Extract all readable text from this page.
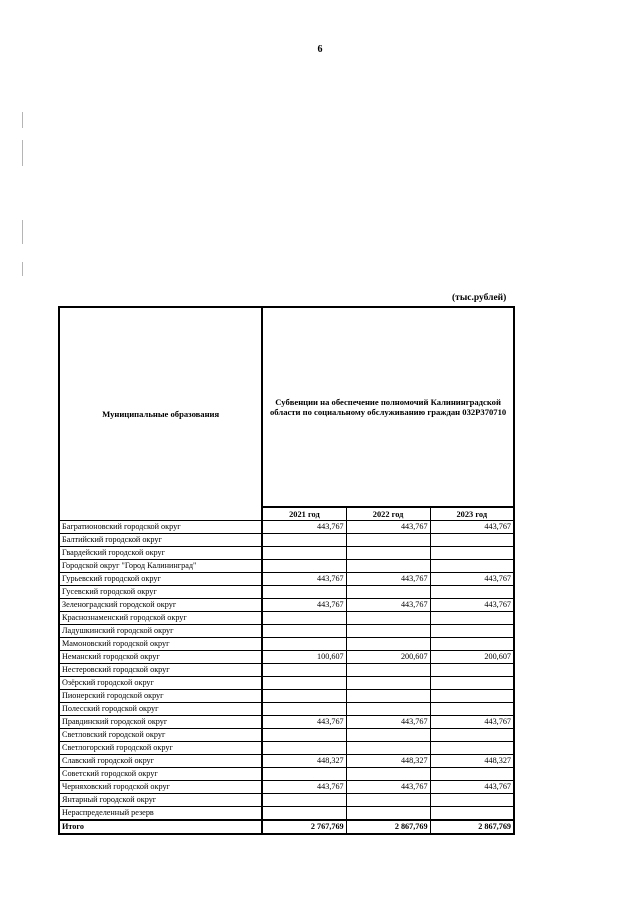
6
(тыс.рублей)
Муниципальные образования	Субвенции на обеспечение полномочий Калининградской области по социальному обслуживанию граждан 032P370710		
	2021 год	2022 год	2023 год
Багратионовский городской округ	443,767	443,767	443,767
Балтийский городской округ			
Гвардейский городской округ			
Городской округ "Город Калининград"			
Гурьевский городской округ	443,767	443,767	443,767
Гусевский городской округ			
Зеленоградский городской округ	443,767	443,767	443,767
Краснознаменский городской округ			
Ладушкинский городской округ			
Мамоновский городской округ			
Неманский городской округ	100,607	200,607	200,607
Нестеровский городской округ			
Озёрский городской округ			
Пионерский городской округ			
Полесский городской округ			
Правдинский городской округ	443,767	443,767	443,767
Светловский городской округ			
Светлогорский городской округ			
Славский городской округ	448,327	448,327	448,327
Советский городской округ			
Черняховский городской округ	443,767	443,767	443,767
Янтарный городской округ			
Нераспределенный резерв			
Итого	2 767,769	2 867,769	2 867,769
